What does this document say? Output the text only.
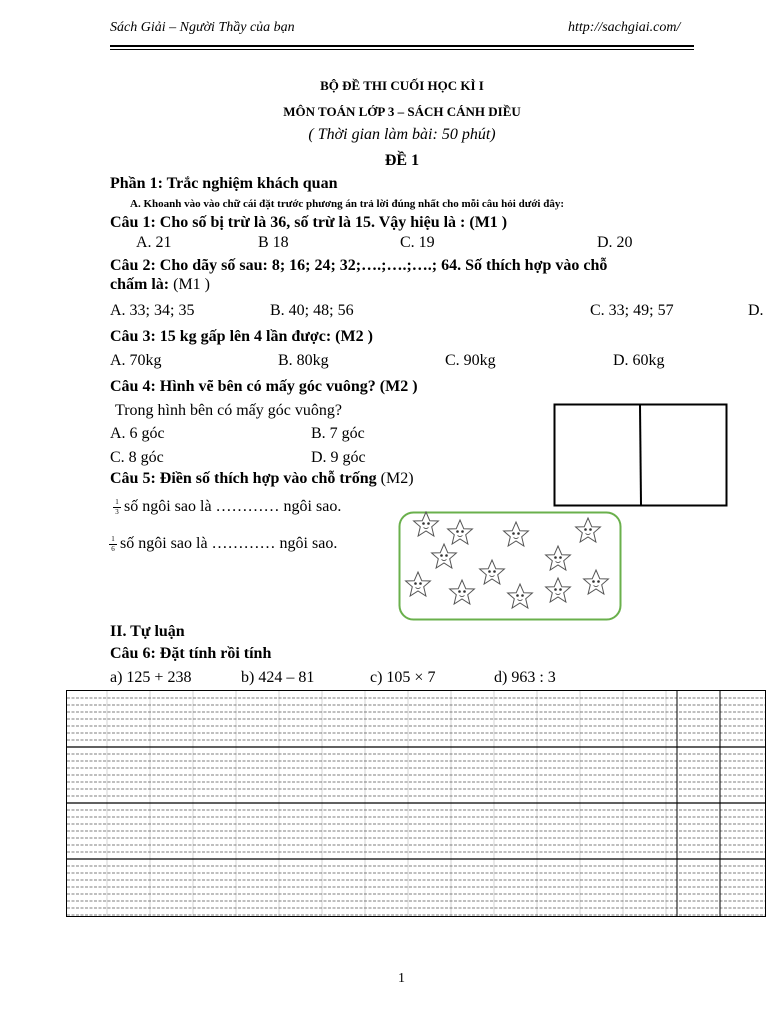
Sách Giải – Người Thầy của bạn	http://sachgiai.com/
BỘ ĐỀ THI CUỐI HỌC KÌ I
MÔN TOÁN LỚP 3 – SÁCH CÁNH DIỀU
( Thời gian làm bài: 50 phút)
ĐỀ 1
Phần 1: Trắc nghiệm khách quan
A. Khoanh vào vào chữ cái đặt trước phương án trả lời đúng nhất cho mỗi câu hỏi dưới đây:
Câu 1: Cho số bị trừ là 36, số trừ là 15. Vậy hiệu là : (M1 )
A. 21	B 18	C. 19	D. 20
Câu 2: Cho dãy số sau: 8; 16; 24; 32;….;….;….; 64. Số thích hợp vào chỗ
chấm là: (M1 )
A. 33; 34; 35	B. 40; 48; 56	C. 33; 49; 57	D.
Câu 3: 15 kg gấp lên 4 lần được: (M2 )
A. 70kg	B. 80kg	C. 90kg	D. 60kg
Câu 4: Hình vẽ bên có mấy góc vuông? (M2 )
Trong hình bên có mấy góc vuông?
A. 6 góc	B. 7 góc
C. 8 góc	D. 9 góc
Câu 5: Điền số thích hợp vào chỗ trống (M2)
1
3 số ngôi sao là ………… ngôi sao.
1
6 số ngôi sao là ………… ngôi sao.
II. Tự luận
Câu 6: Đặt tính rồi tính
a) 125 + 238	b) 424 – 81	c) 105 × 7	d) 963 : 3
1
